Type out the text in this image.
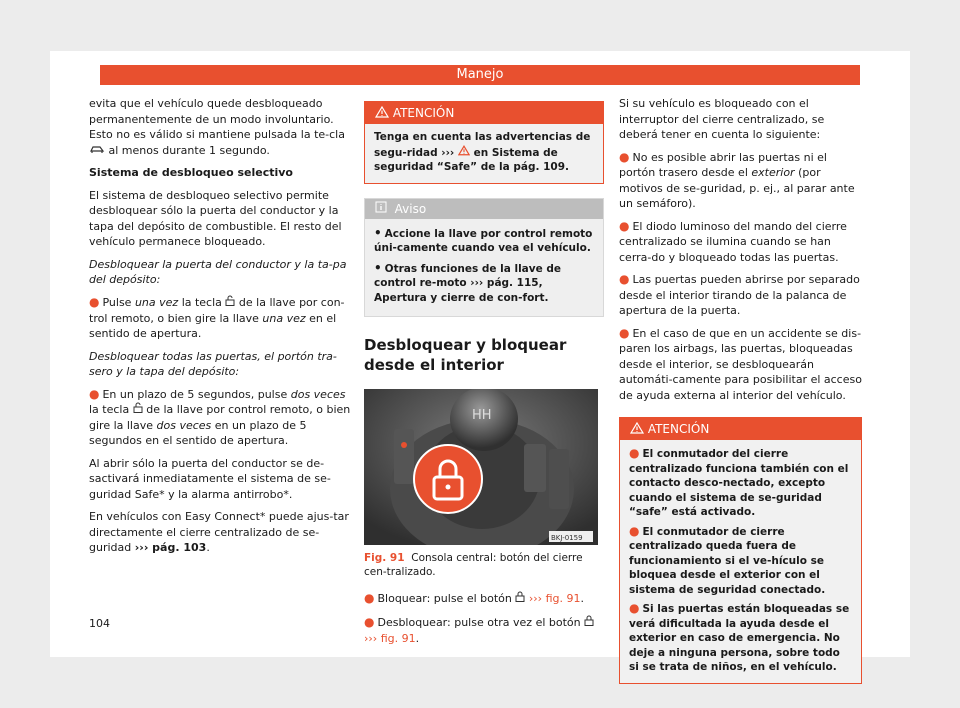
Manejo

evita que el vehículo quede desbloqueado permanentemente de un modo involuntario. Esto no es válido si mantiene pulsada la te-cla  al menos durante 1 segundo.

Sistema de desbloqueo selectivo

El sistema de desbloqueo selectivo permite desbloquear sólo la puerta del conductor y la tapa del depósito de combustible. El resto del vehículo permanece bloqueado.

Desbloquear la puerta del conductor y la ta-pa del depósito:

● Pulse una vez la tecla de la llave por con-trol remoto, o bien gire la llave una vez en el sentido de apertura.

Desbloquear todas las puertas, el portón tra-sero y la tapa del depósito:

● En un plazo de 5 segundos, pulse dos veces la tecla de la llave por control remoto, o bien gire la llave dos veces en un plazo de 5 segundos en el sentido de apertura.

Al abrir sólo la puerta del conductor se de-sactivará inmediatamente el sistema de se-guridad Safe* y la alarma antirrobo*.

En vehículos con Easy Connect* puede ajus-tar directamente el cierre centralizado de se-guridad ››› pág. 103.

ATENCIÓN
Tenga en cuenta las advertencias de segu-ridad ››› en Sistema de seguridad “Safe” de la pág. 109.
Aviso

• Accione la llave por control remoto úni-camente cuando vea el vehículo.

• Otras funciones de la llave de control re-moto ››› pág. 115, Apertura y cierre de con-fort.

Desbloquear y bloquear desde el interior
HH
BKJ-0159
Fig. 91 Consola central: botón del cierre cen-tralizado.

● Bloquear: pulse el botón ››› fig. 91.

● Desbloquear: pulse otra vez el botón  ››› fig. 91.

Si su vehículo es bloqueado con el interruptor del cierre centralizado, se deberá tener en cuenta lo siguiente:

● No es posible abrir las puertas ni el portón trasero desde el exterior (por motivos de se-guridad, p. ej., al parar ante un semáforo).

● El diodo luminoso del mando del cierre centralizado se ilumina cuando se han cerra-do y bloqueado todas las puertas.

● Las puertas pueden abrirse por separado desde el interior tirando de la palanca de apertura de la puerta.

● En el caso de que en un accidente se dis-paren los airbags, las puertas, bloqueadas desde el interior, se desbloquearán automáti-camente para posibilitar el acceso de ayuda externa al interior del vehículo.

ATENCIÓN

● El conmutador del cierre centralizado funciona también con el contacto desco-nectado, excepto cuando el sistema de se-guridad “safe” está activado.

● El conmutador de cierre centralizado queda fuera de funcionamiento si el ve-hículo se bloquea desde el exterior con el sistema de seguridad conectado.

● Si las puertas están bloqueadas se verá dificultada la ayuda desde el exterior en caso de emergencia. No deje a ninguna persona, sobre todo si se trata de niños, en el vehículo.

104
